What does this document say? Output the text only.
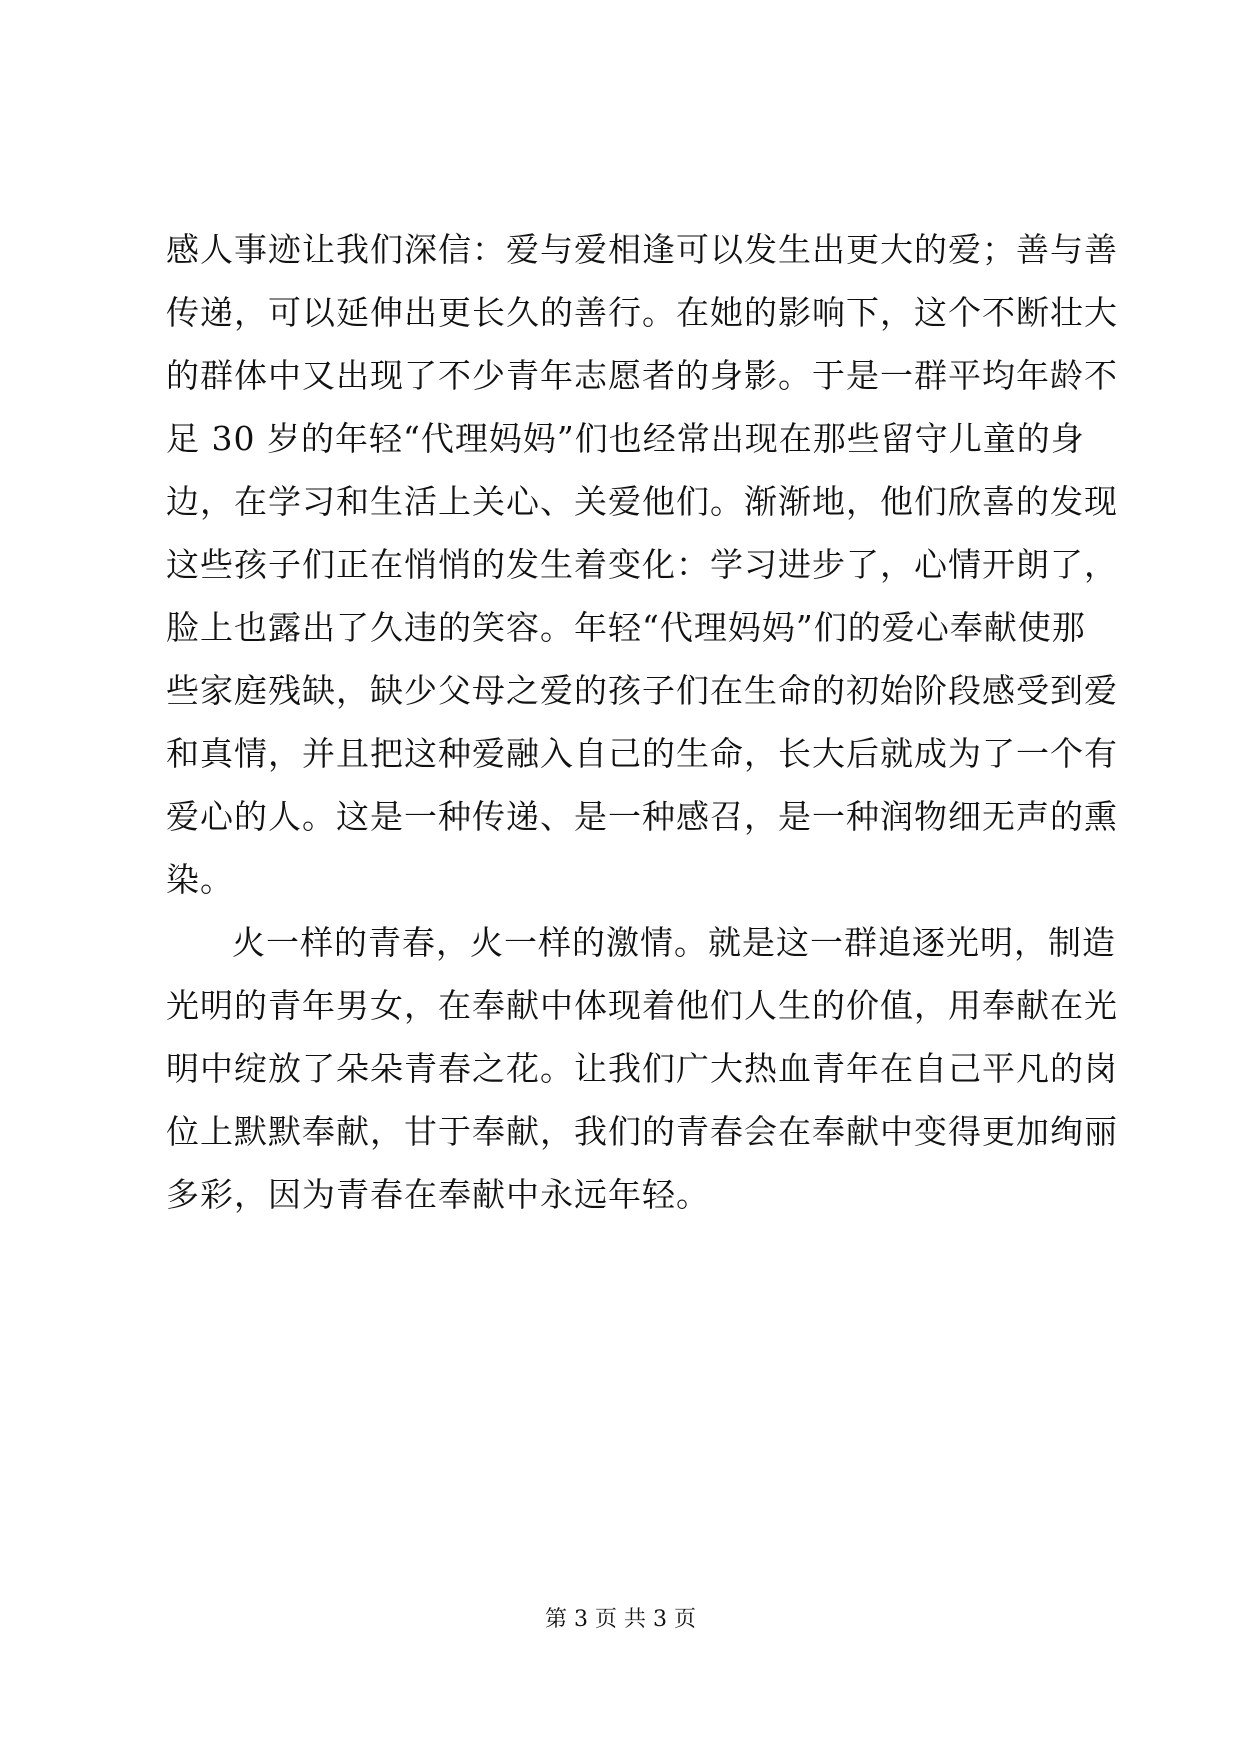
感人事迹让我们深信：爱与爱相逢可以发生出更大的爱；善与善
传递，可以延伸出更长久的善行。在她的影响下，这个不断壮大
的群体中又出现了不少青年志愿者的身影。于是一群平均年龄不
足 30 岁的年轻“代理妈妈”们也经常出现在那些留守儿童的身
边，在学习和生活上关心、关爱他们。渐渐地，他们欣喜的发现
这些孩子们正在悄悄的发生着变化：学习进步了，心情开朗了，
脸上也露出了久违的笑容。年轻“代理妈妈”们的爱心奉献使那
些家庭残缺，缺少父母之爱的孩子们在生命的初始阶段感受到爱
和真情，并且把这种爱融入自己的生命，长大后就成为了一个有
爱心的人。这是一种传递、是一种感召，是一种润物细无声的熏
染。
火一样的青春，火一样的激情。就是这一群追逐光明，制造
光明的青年男女，在奉献中体现着他们人生的价值，用奉献在光
明中绽放了朵朵青春之花。让我们广大热血青年在自己平凡的岗
位上默默奉献，甘于奉献，我们的青春会在奉献中变得更加绚丽
多彩，因为青春在奉献中永远年轻。
第 3 页 共 3 页
